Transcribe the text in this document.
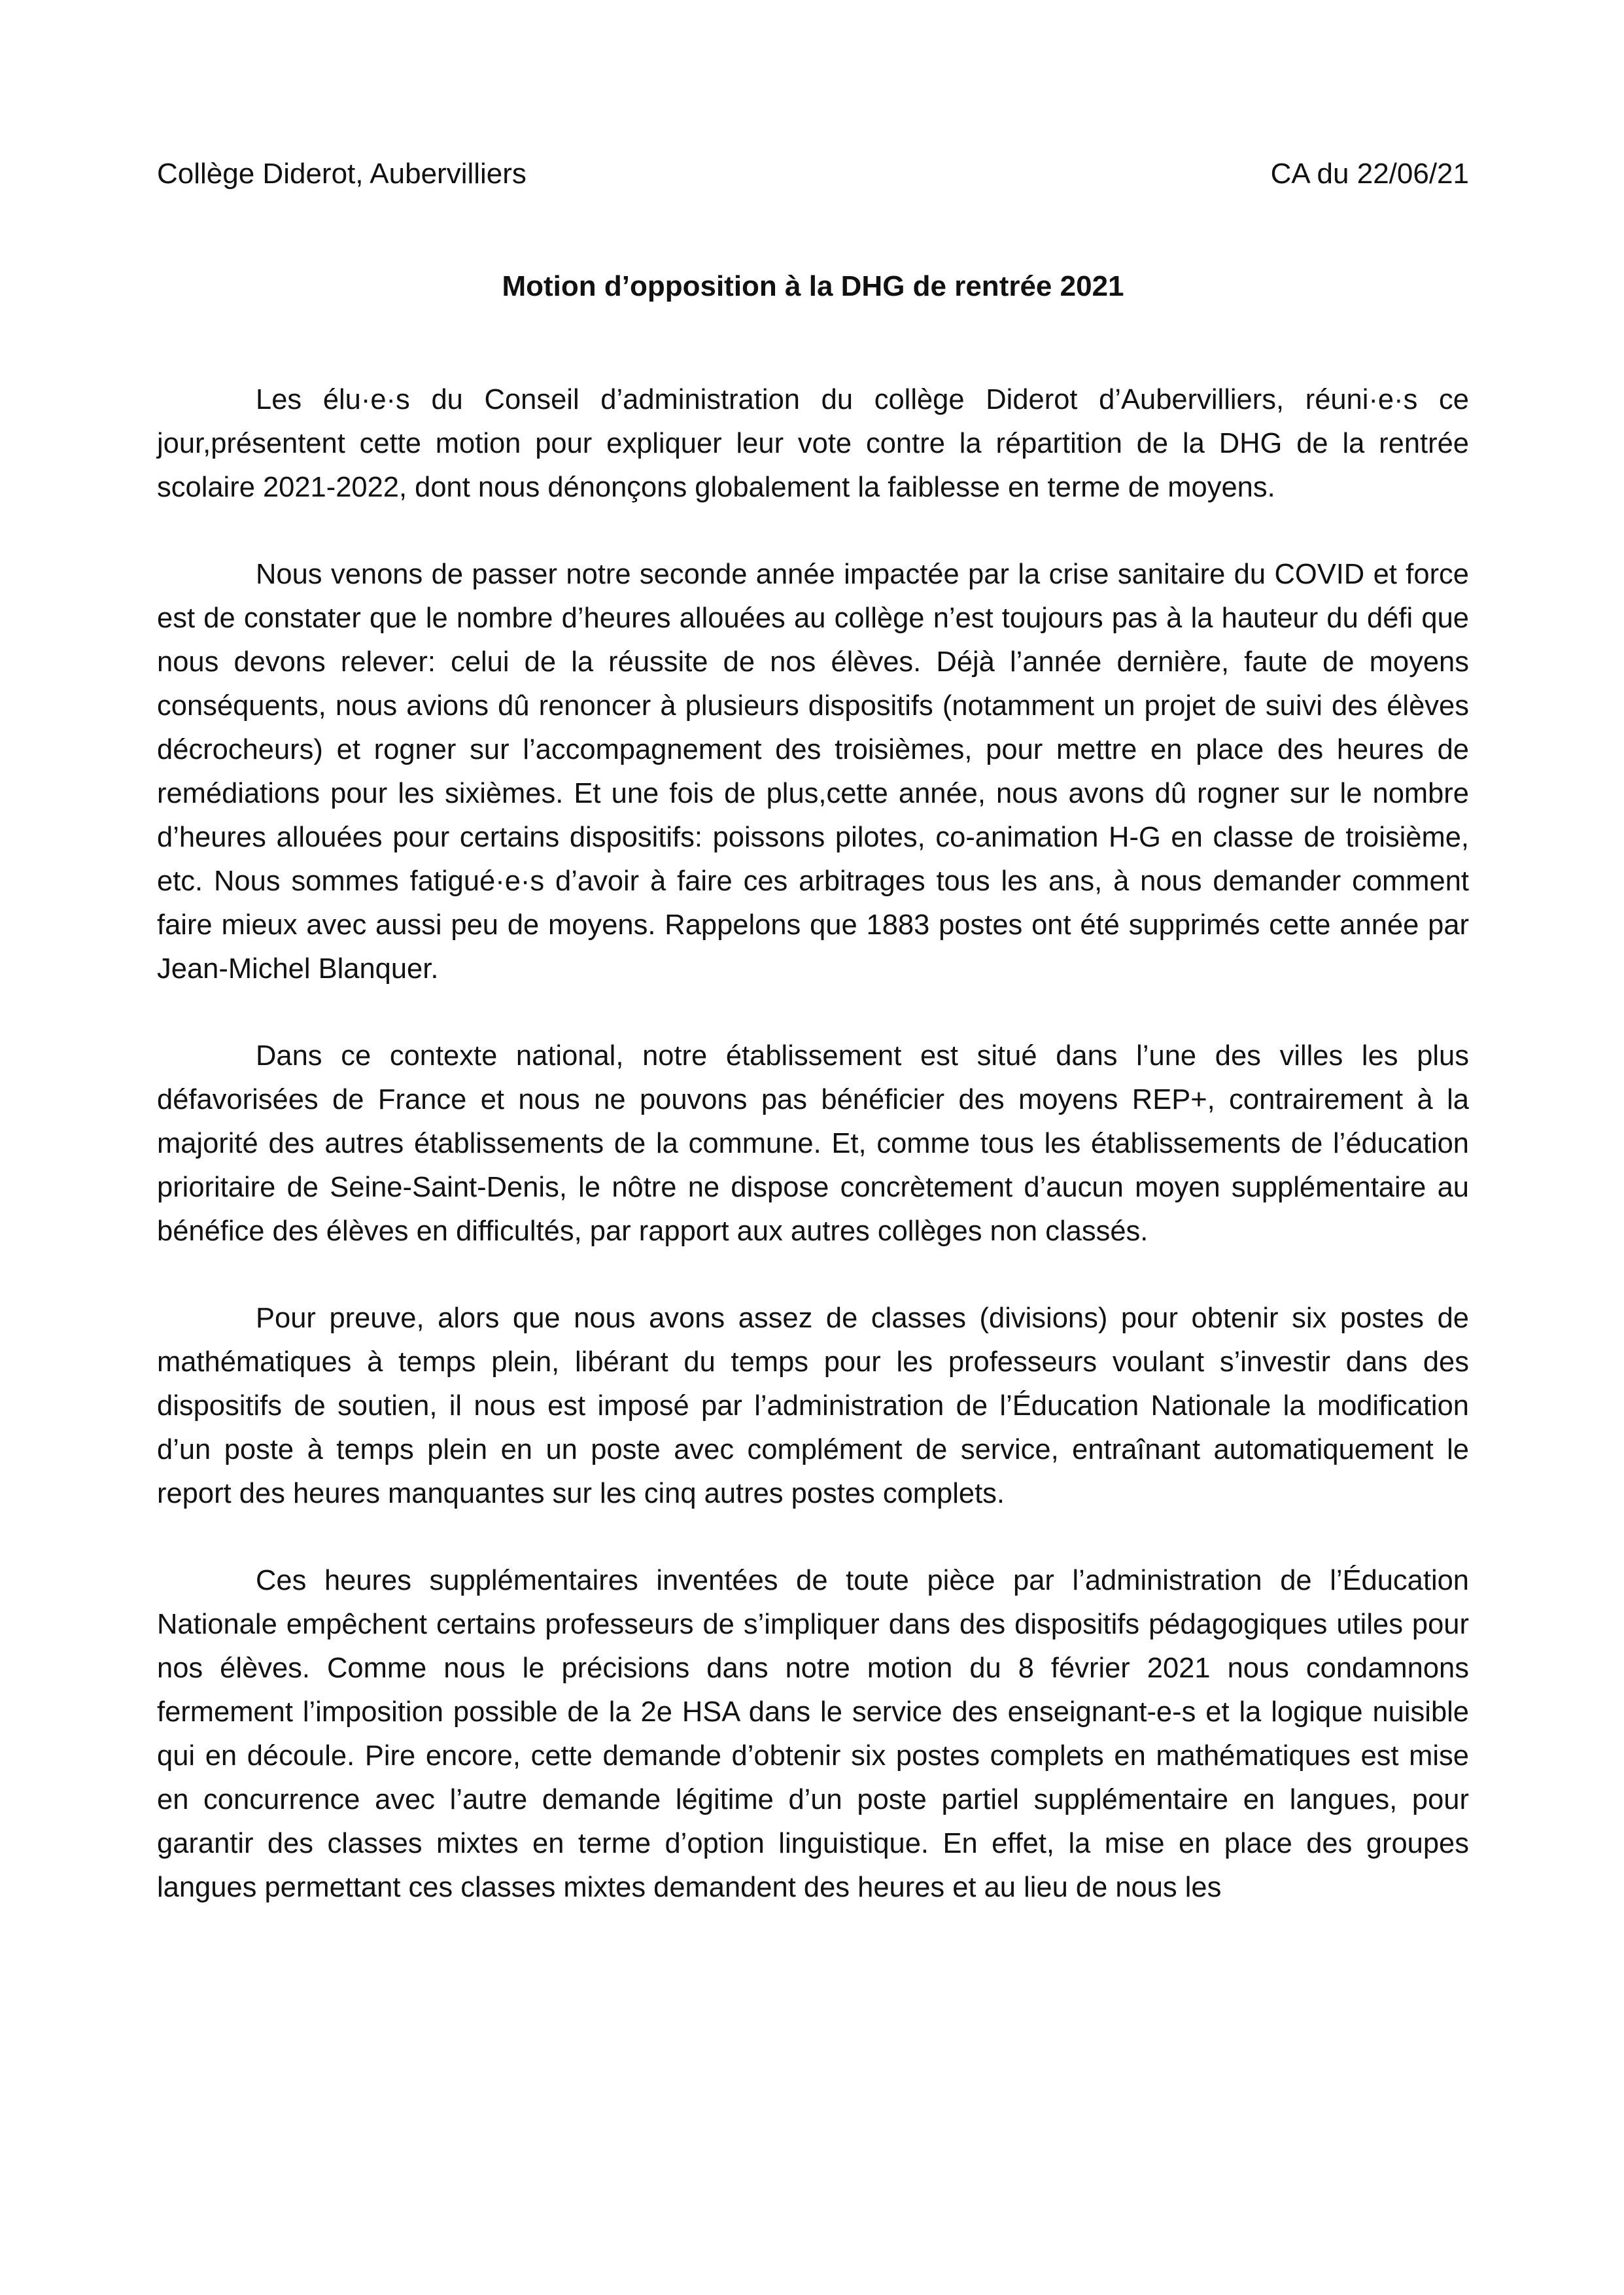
Collège Diderot, Aubervilliers	CA du 22/06/21
Motion d’opposition à la DHG de rentrée 2021

Les élu·e·s du Conseil d’administration du collège Diderot d’Aubervilliers, réuni·e·s ce jour,présentent cette motion pour expliquer leur vote contre la répartition de la DHG de la rentrée scolaire 2021-2022, dont nous dénonçons globalement la faiblesse en terme de moyens.

Nous venons de passer notre seconde année impactée par la crise sanitaire du COVID et force est de constater que le nombre d’heures allouées au collège n’est toujours pas à la hauteur du défi que nous devons relever: celui de la réussite de nos élèves. Déjà l’année dernière, faute de moyens conséquents, nous avions dû renoncer à plusieurs dispositifs (notamment un projet de suivi des élèves décrocheurs) et rogner sur l’accompagnement des troisièmes, pour mettre en place des heures de remédiations pour les sixièmes. Et une fois de plus,cette année, nous avons dû rogner sur le nombre d’heures allouées pour certains dispositifs: poissons pilotes, co-animation H-G en classe de troisième, etc. Nous sommes fatigué·e·s d’avoir à faire ces arbitrages tous les ans, à nous demander comment faire mieux avec aussi peu de moyens. Rappelons que 1883 postes ont été supprimés cette année par Jean-Michel Blanquer.

Dans ce contexte national, notre établissement est situé dans l’une des villes les plus défavorisées de France et nous ne pouvons pas bénéficier des moyens REP+, contrairement à la majorité des autres établissements de la commune. Et, comme tous les établissements de l’éducation prioritaire de Seine-Saint-Denis, le nôtre ne dispose concrètement d’aucun moyen supplémentaire au bénéfice des élèves en difficultés, par rapport aux autres collèges non classés.

Pour preuve, alors que nous avons assez de classes (divisions) pour obtenir six postes de mathématiques à temps plein, libérant du temps pour les professeurs voulant s’investir dans des dispositifs de soutien, il nous est imposé par l’administration de l’Éducation Nationale la modification d’un poste à temps plein en un poste avec complément de service, entraînant automatiquement le report des heures manquantes sur les cinq autres postes complets.

Ces heures supplémentaires inventées de toute pièce par l’administration de l’Éducation Nationale empêchent certains professeurs de s’impliquer dans des dispositifs pédagogiques utiles pour nos élèves. Comme nous le précisions dans notre motion du 8 février 2021 nous condamnons fermement l’imposition possible de la 2e HSA dans le service des enseignant-e-s et la logique nuisible qui en découle. Pire encore, cette demande d’obtenir six postes complets en mathématiques est mise en concurrence avec l’autre demande légitime d’un poste partiel supplémentaire en langues, pour garantir des classes mixtes en terme d’option linguistique. En effet, la mise en place des groupes langues permettant ces classes mixtes demandent des heures et au lieu de nous les
